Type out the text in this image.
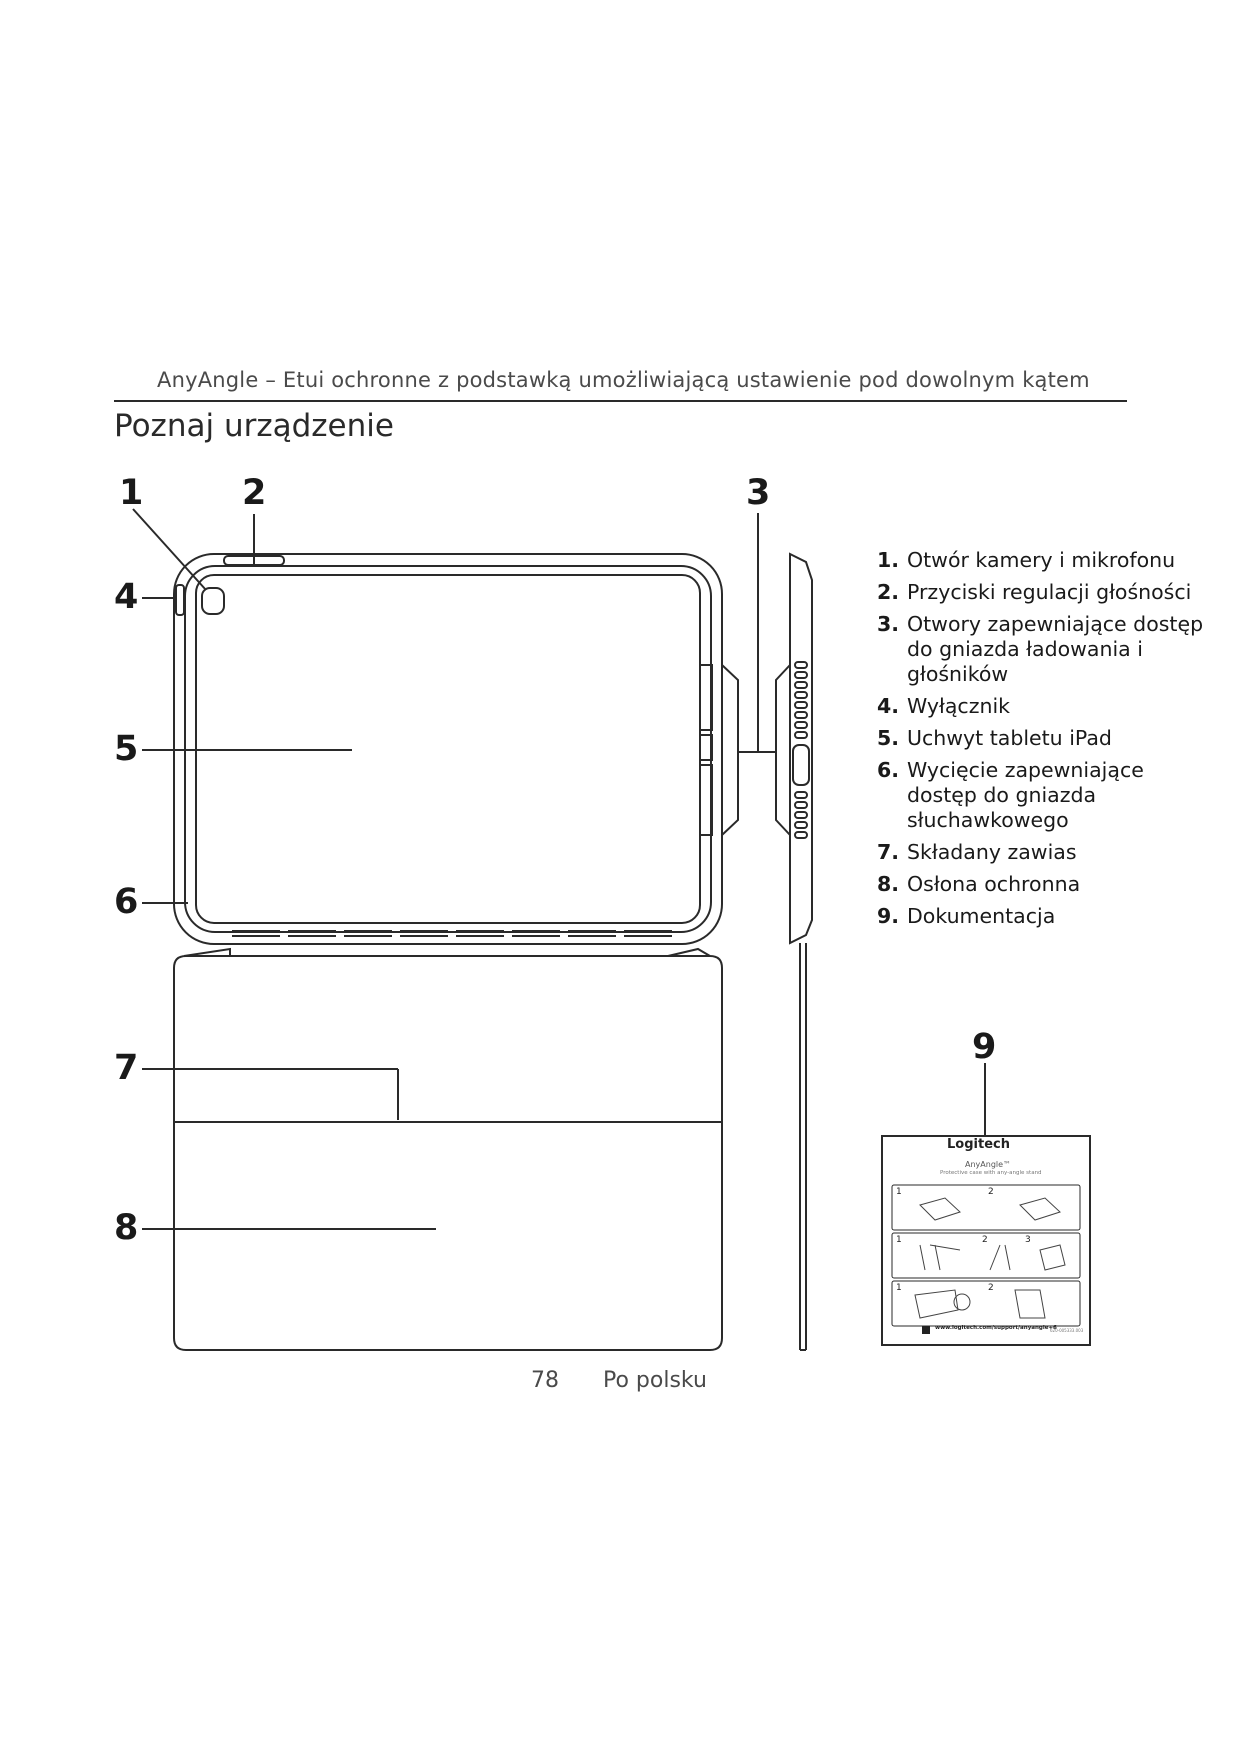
AnyAngle – Etui ochronne z podstawką umożliwiającą ustawienie pod dowolnym kątem
Poznaj urządzenie
1	2	3
4
5
6
7
8
9
1. Otwór kamery i mikrofonu
2. Przyciski regulacji głośności
3. Otwory zapewniające dostęp do gniazda ładowania i głośników
4. Wyłącznik
5. Uchwyt tabletu iPad
6. Wycięcie zapewniające dostęp do gniazda słuchawkowego
7. Składany zawias
8. Osłona ochronna
9. Dokumentacja
Logitech
AnyAngle™
Protective case with any-angle stand
1	2
1	2	3
1	2
www.logitech.com/support/anyangle+6
620-005333.003
78 Po polsku
